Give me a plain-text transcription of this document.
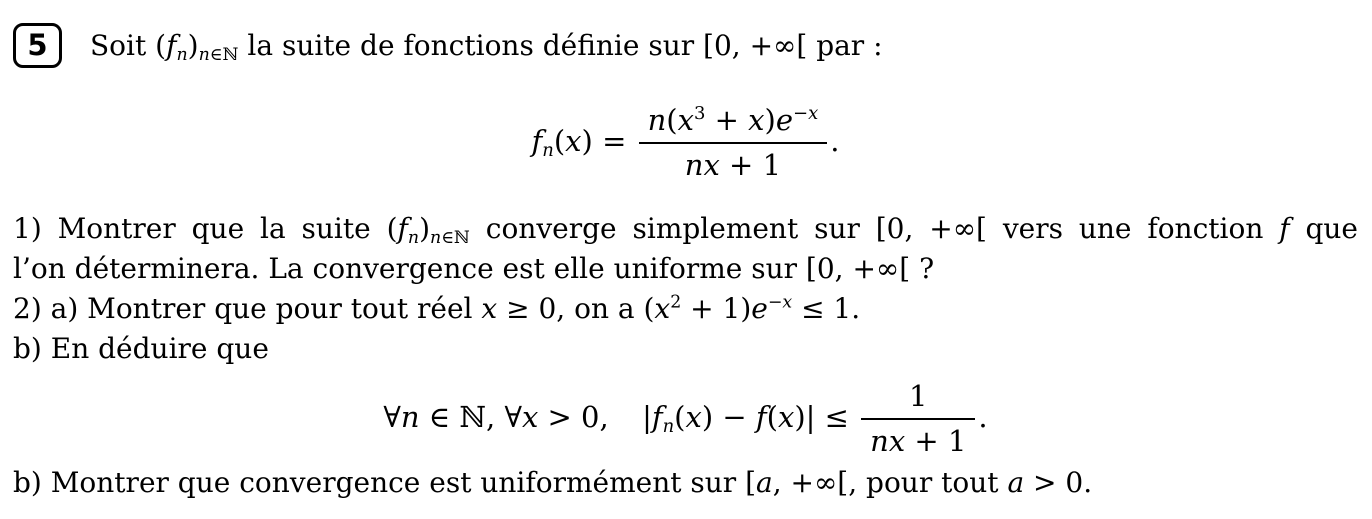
5 Soit $(f_n)_{n\in ℕ}$ la suite de fonctions définie sur [0, +∞[ par :
$f_n(x) = \frac{n(x^3 + x)e^{-x}}{nx + 1}$ .
1) Montrer que la suite $(f_n)_{n\in ℕ}$ converge simplement sur [0, +∞[ vers une fonction f que
l’on déterminera. La convergence est elle uniforme sur [0, +∞[ ?
2) a) Montrer que pour tout réel x ≥ 0, on a $(x^2 + 1)e^{-x} \le 1$.
b) En déduire que
∀n ∈ ℕ, ∀x > 0, $|f_n(x) - f(x)| \le \frac{1}{nx + 1}$ .
b) Montrer que convergence est uniformément sur [a, +∞[, pour tout a > 0.
